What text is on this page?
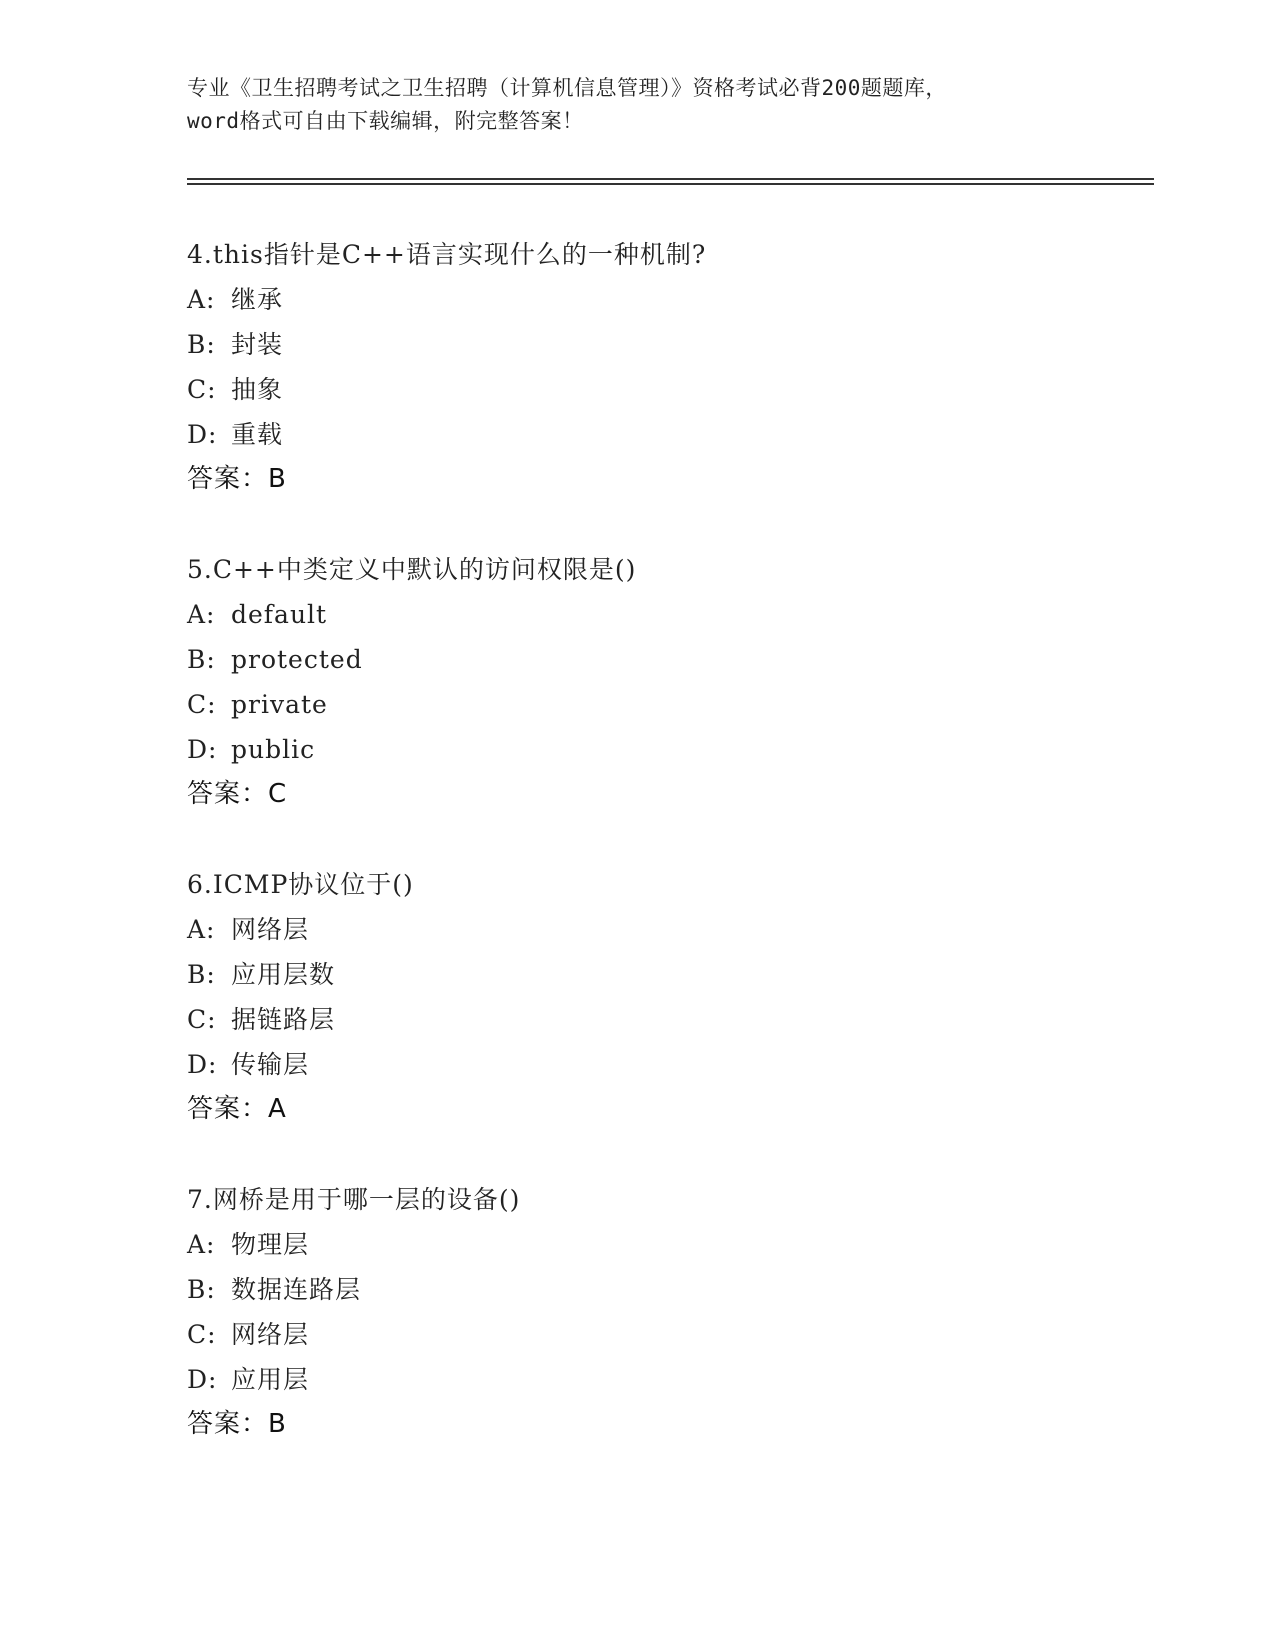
专业《卫生招聘考试之卫生招聘（计算机信息管理）》资格考试必背200题题库，
word格式可自由下载编辑，附完整答案！
4.this指针是C++语言实现什么的一种机制?
A: 继承
B: 封装
C: 抽象
D: 重载
答案：B
5.C++中类定义中默认的访问权限是()
A: default
B: protected
C: private
D: public
答案：C
6.ICMP协议位于()
A: 网络层
B: 应用层数
C: 据链路层
D: 传输层
答案：A
7.网桥是用于哪一层的设备()
A: 物理层
B: 数据连路层
C: 网络层
D: 应用层
答案：B
